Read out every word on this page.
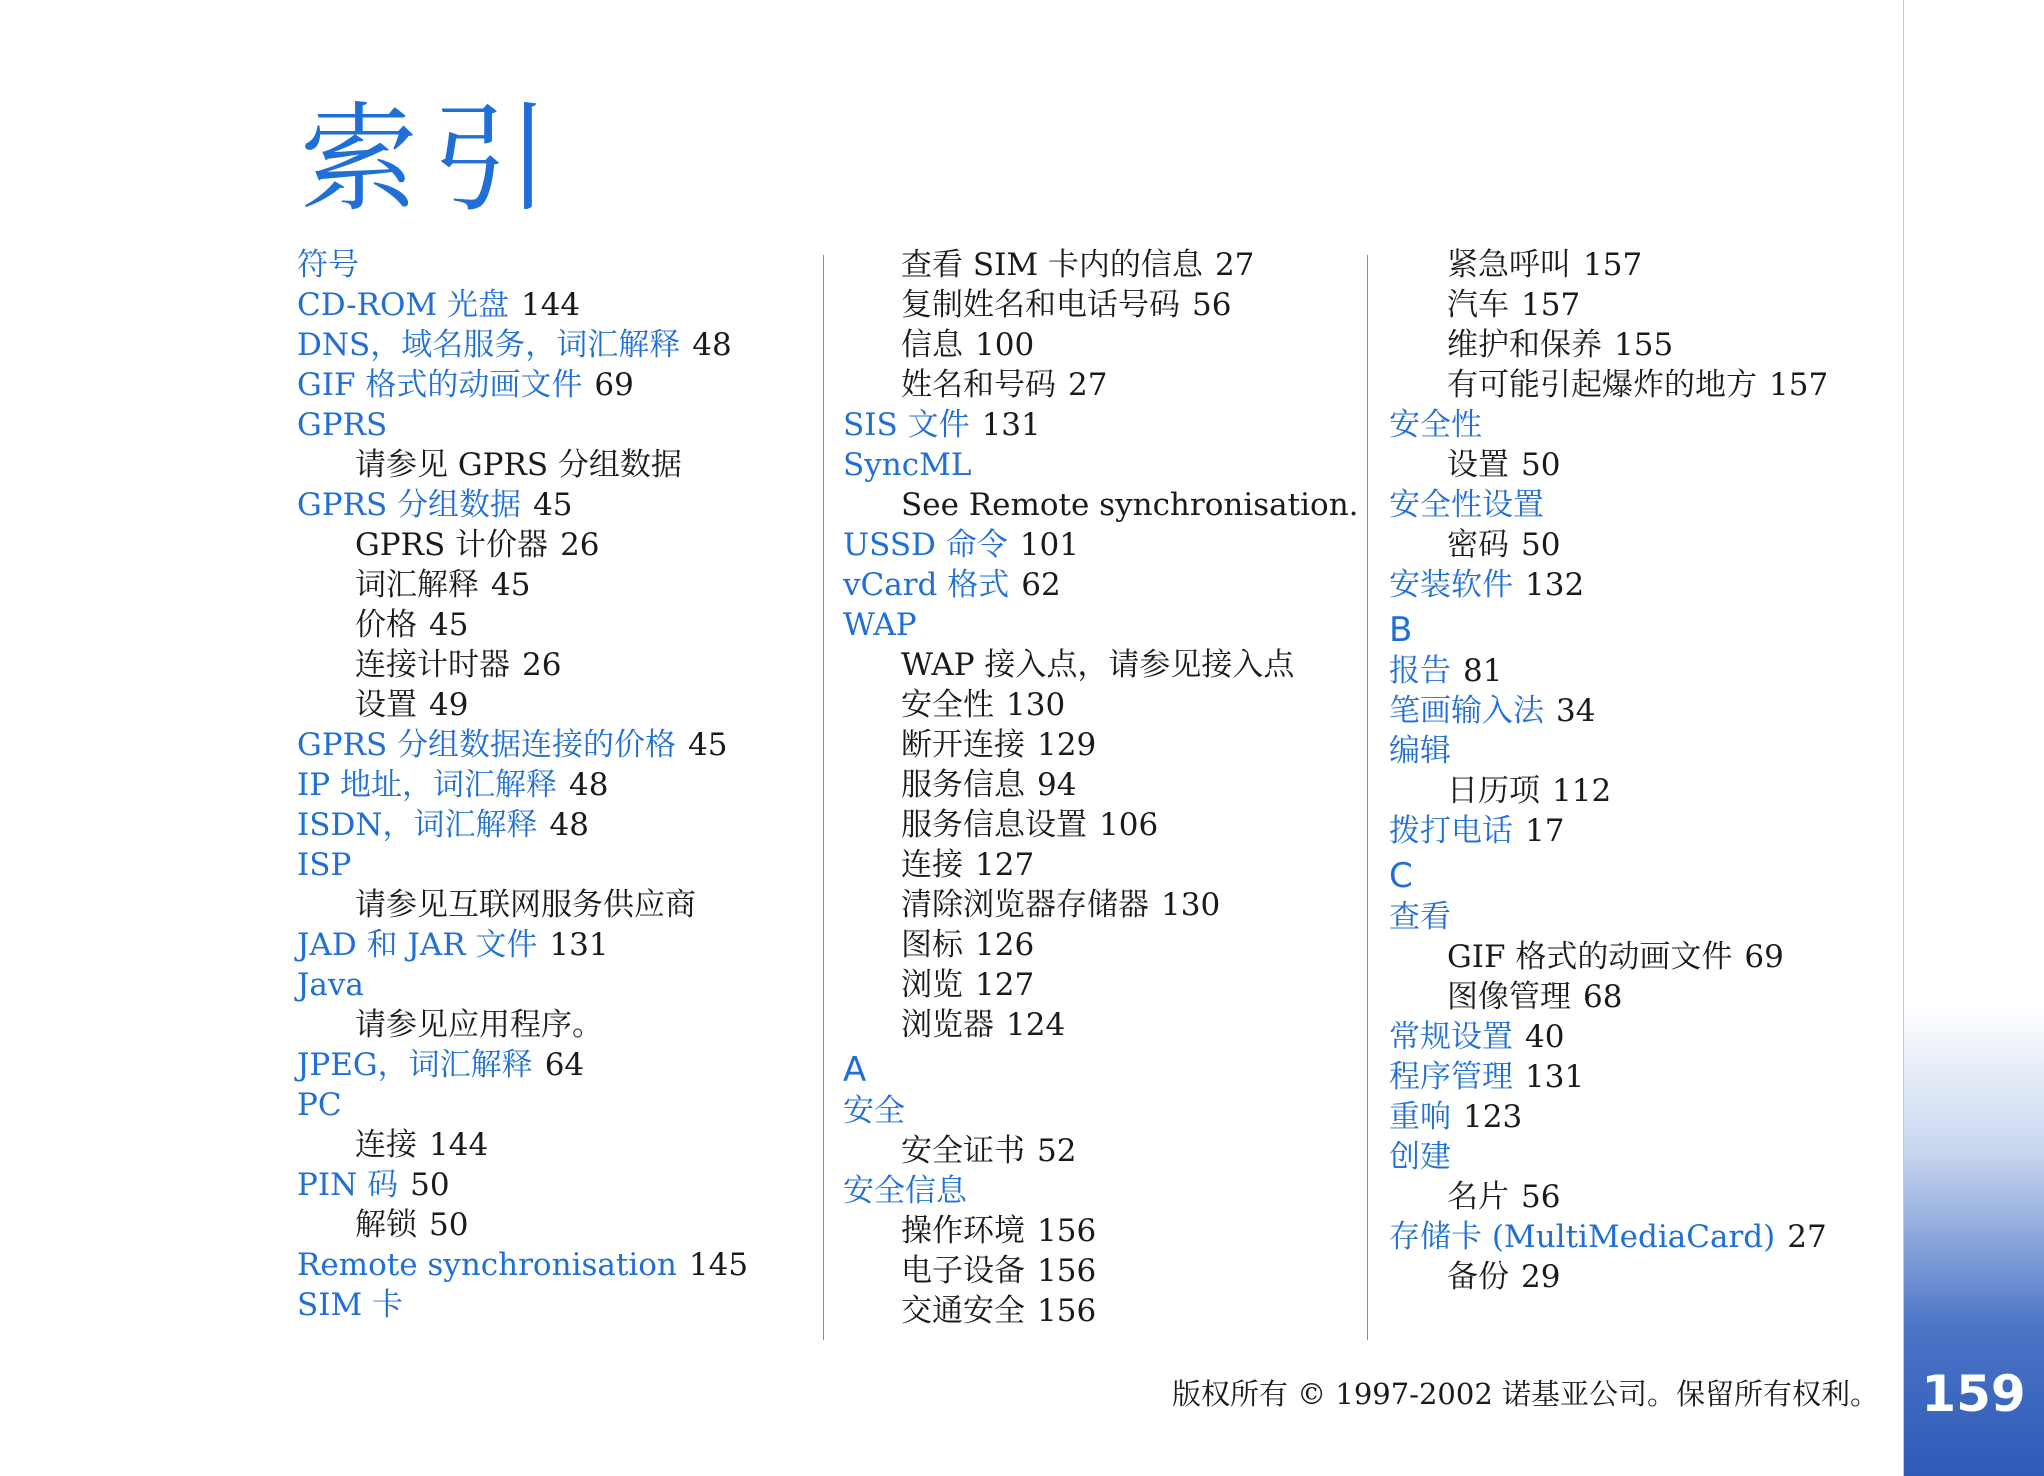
索引
符号
CD-ROM 光盘 144
DNS，域名服务，词汇解释 48
GIF 格式的动画文件 69
GPRS
请参见 GPRS 分组数据
GPRS 分组数据 45
GPRS 计价器 26
词汇解释 45
价格 45
连接计时器 26
设置 49
GPRS 分组数据连接的价格 45
IP 地址，词汇解释 48
ISDN，词汇解释 48
ISP
请参见互联网服务供应商
JAD 和 JAR 文件 131
Java
请参见应用程序。
JPEG，词汇解释 64
PC
连接 144
PIN 码 50
解锁 50
Remote synchronisation 145
SIM 卡
查看 SIM 卡内的信息 27
复制姓名和电话号码 56
信息 100
姓名和号码 27
SIS 文件 131
SyncML
See Remote synchronisation.
USSD 命令 101
vCard 格式 62
WAP
WAP 接入点，请参见接入点
安全性 130
断开连接 129
服务信息 94
服务信息设置 106
连接 127
清除浏览器存储器 130
图标 126
浏览 127
浏览器 124
A
安全
安全证书 52
安全信息
操作环境 156
电子设备 156
交通安全 156
紧急呼叫 157
汽车 157
维护和保养 155
有可能引起爆炸的地方 157
安全性
设置 50
安全性设置
密码 50
安装软件 132
B
报告 81
笔画输入法 34
编辑
日历项 112
拨打电话 17
C
查看
GIF 格式的动画文件 69
图像管理 68
常规设置 40
程序管理 131
重响 123
创建
名片 56
存储卡 (MultiMediaCard) 27
备份 29
版权所有 © 1997-2002 诺基亚公司。保留所有权利。 159
